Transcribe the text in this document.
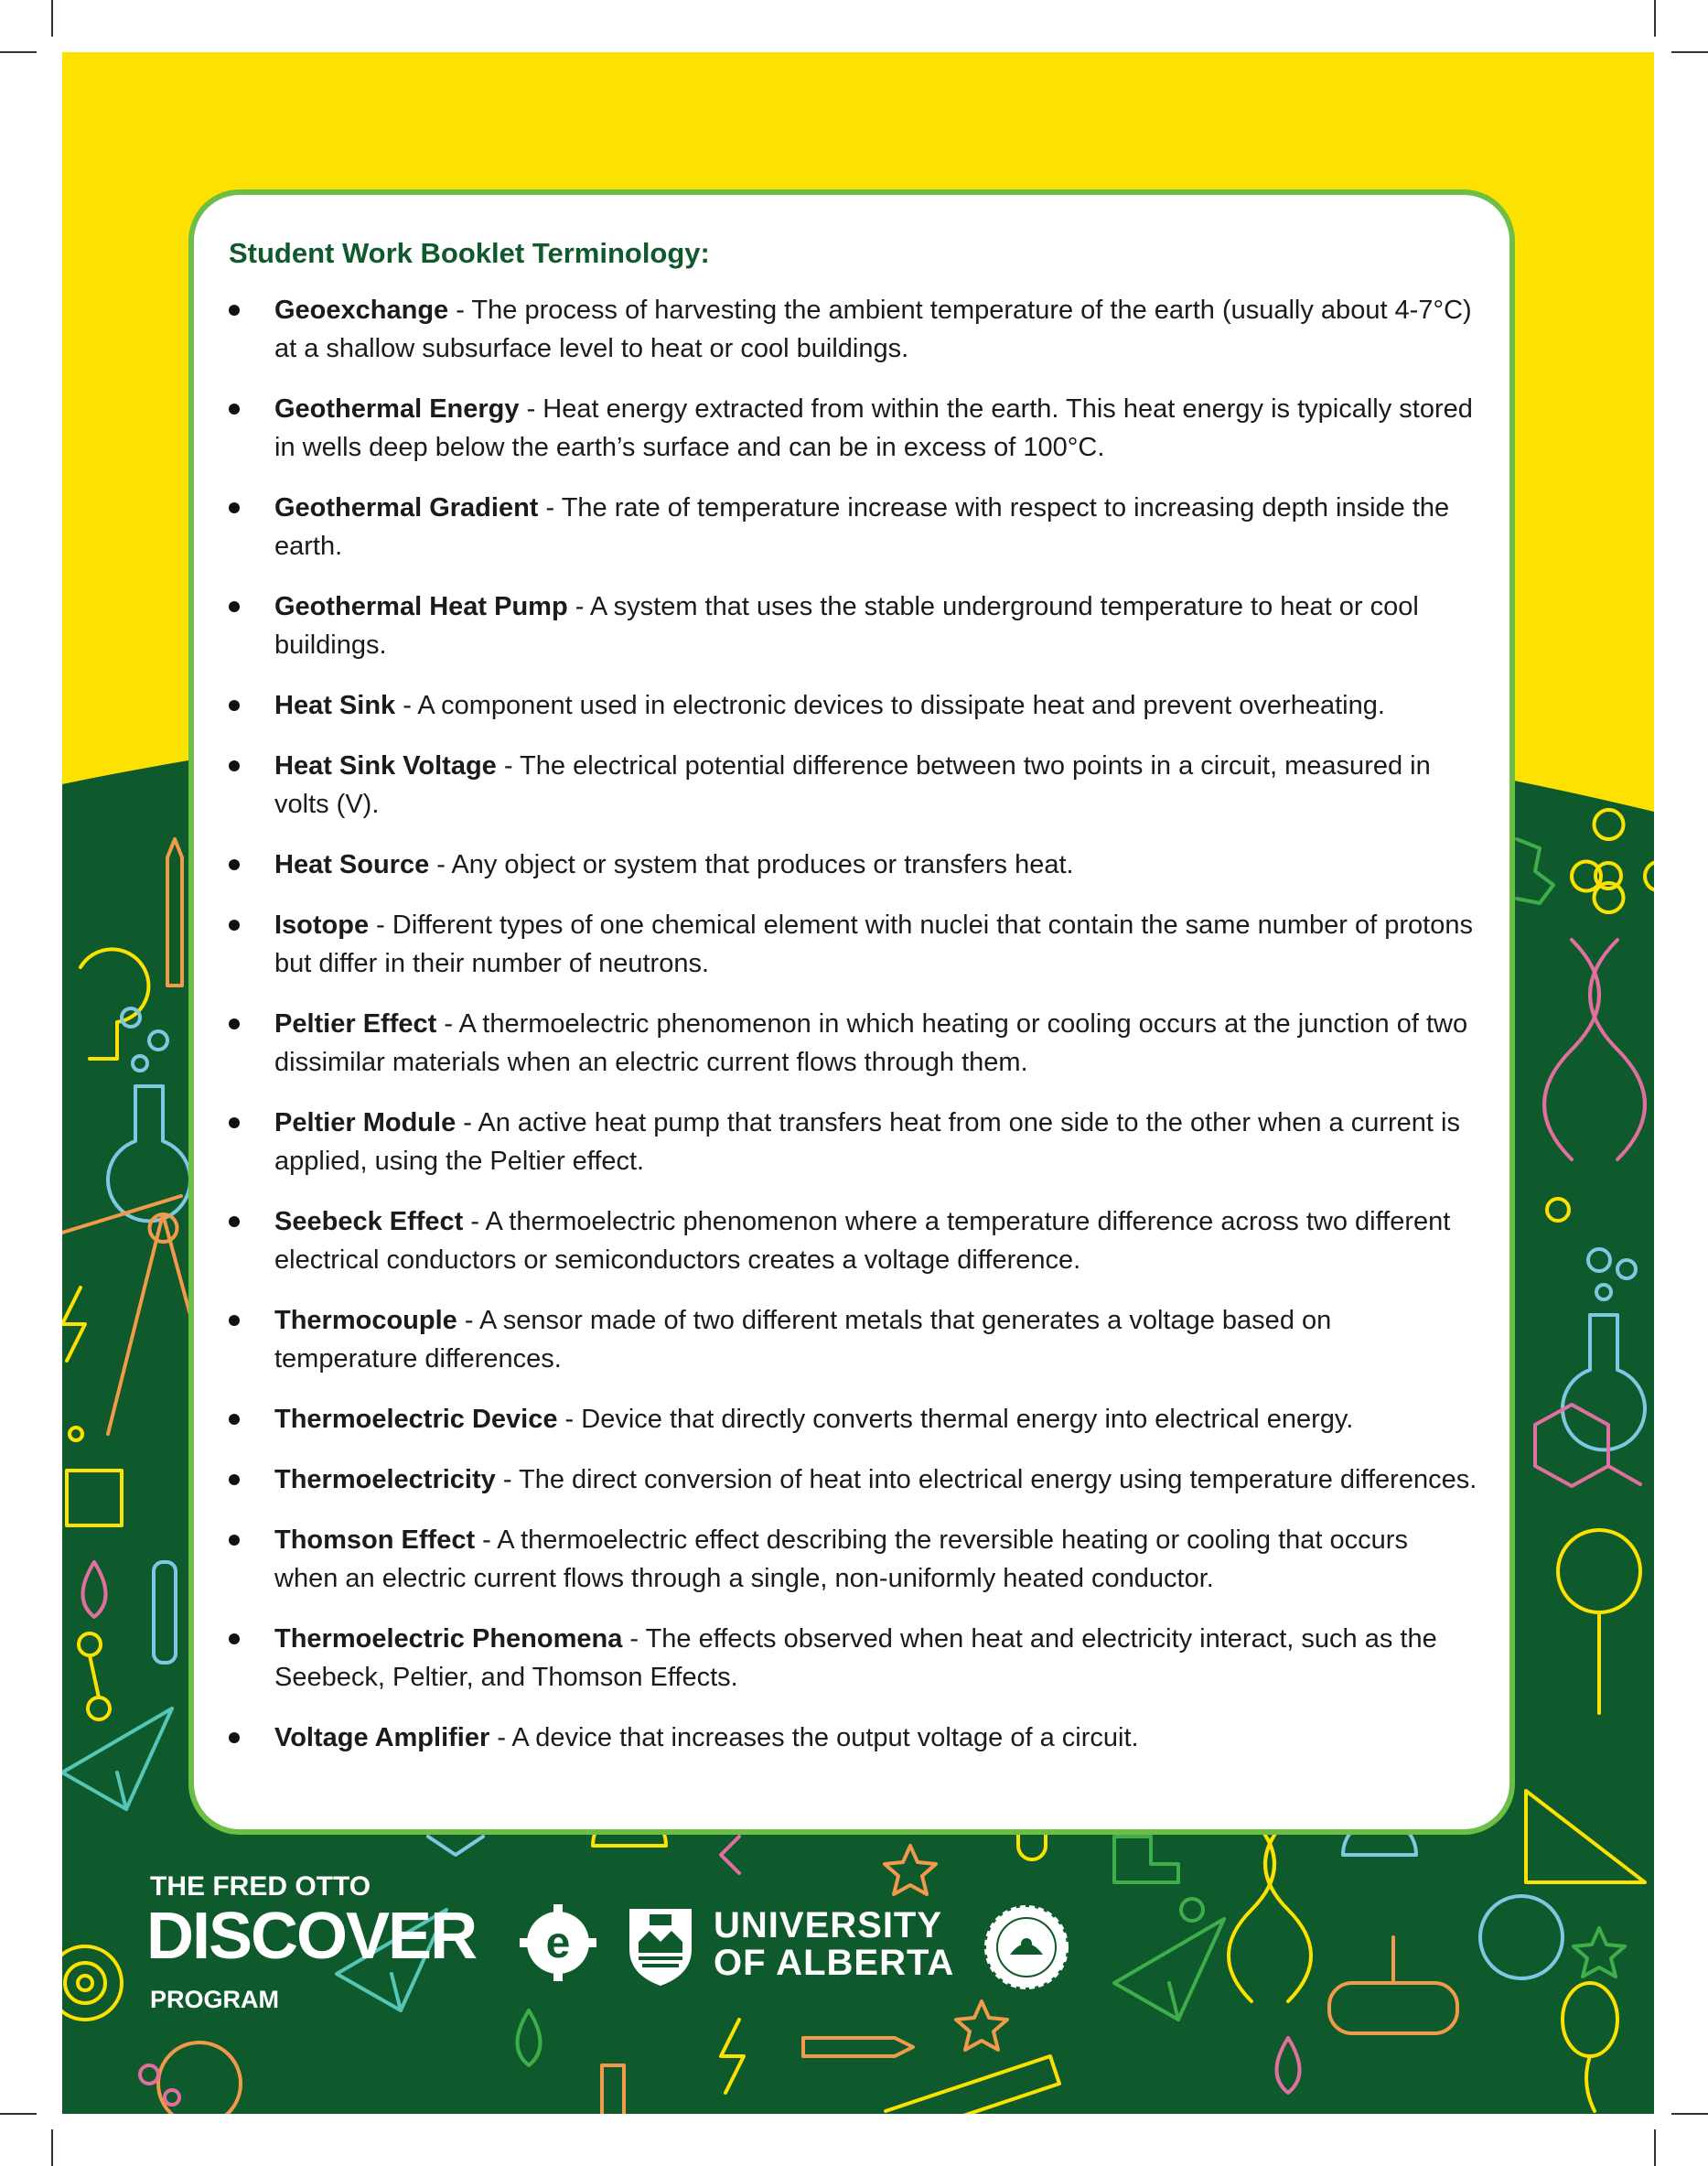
Student Work Booklet Terminology:
Geoexchange - The process of harvesting the ambient temperature of the earth (usually about 4-7°C) at a shallow subsurface level to heat or cool buildings.
Geothermal Energy - Heat energy extracted from within the earth. This heat energy is typically stored in wells deep below the earth’s surface and can be in excess of 100°C.
Geothermal Gradient - The rate of temperature increase with respect to increasing depth inside the earth.
Geothermal Heat Pump - A system that uses the stable underground temperature to heat or cool buildings.
Heat Sink - A component used in electronic devices to dissipate heat and prevent overheating.
Heat Sink Voltage - The electrical potential difference between two points in a circuit, measured in volts (V).
Heat Source - Any object or system that produces or transfers heat.
Isotope - Different types of one chemical element with nuclei that contain the same number of protons but differ in their number of neutrons.
Peltier Effect - A thermoelectric phenomenon in which heating or cooling occurs at the junction of two dissimilar materials when an electric current flows through them.
Peltier Module - An active heat pump that transfers heat from one side to the other when a current is applied, using the Peltier effect.
Seebeck Effect - A thermoelectric phenomenon where a temperature difference across two different electrical conductors or semiconductors creates a voltage difference.
Thermocouple - A sensor made of two different metals that generates a voltage based on temperature differences.
Thermoelectric Device - Device that directly converts thermal energy into electrical energy.
Thermoelectricity - The direct conversion of heat into electrical energy using temperature differences.
Thomson Effect - A thermoelectric effect describing the reversible heating or cooling that occurs when an electric current flows through a single, non-uniformly heated conductor.
Thermoelectric Phenomena - The effects observed when heat and electricity interact, such as the Seebeck, Peltier, and Thomson Effects.
Voltage Amplifier - A device that increases the output voltage of a circuit.
THE FRED OTTO
DISCOVER e
PROGRAM
UNIVERSITY
OF ALBERTA
